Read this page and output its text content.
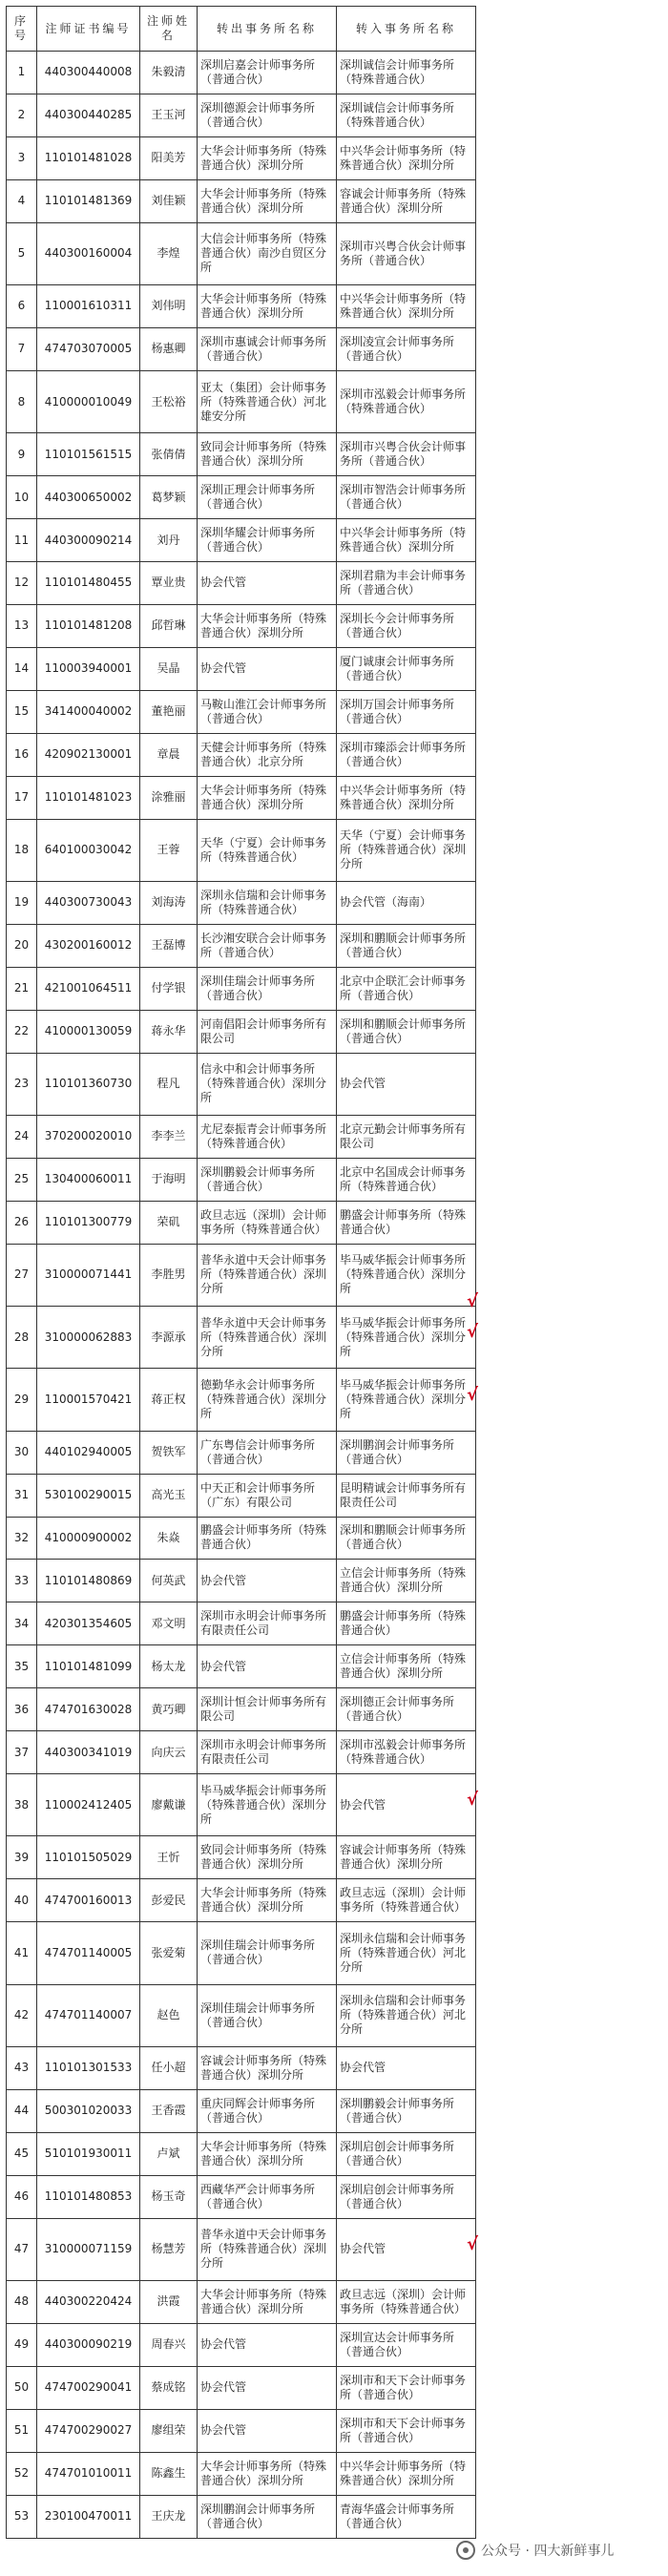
序号	注师证书编号	注师姓名	转出事务所名称	转入事务所名称
1	440300440008	朱毅清	深圳启嘉会计师事务所（普通合伙）	深圳诚信会计师事务所（特殊普通合伙）
2	440300440285	王玉河	深圳德源会计师事务所（普通合伙）	深圳诚信会计师事务所（特殊普通合伙）
3	110101481028	阳美芳	大华会计师事务所（特殊普通合伙）深圳分所	中兴华会计师事务所（特殊普通合伙）深圳分所
4	110101481369	刘佳颖	大华会计师事务所（特殊普通合伙）深圳分所	容诚会计师事务所（特殊普通合伙）深圳分所
5	440300160004	李煌	大信会计师事务所（特殊普通合伙）南沙自贸区分所	深圳市兴粤合伙会计师事务所（普通合伙）
6	110001610311	刘伟明	大华会计师事务所（特殊普通合伙）深圳分所	中兴华会计师事务所（特殊普通合伙）深圳分所
7	474703070005	杨惠卿	深圳市惠诚会计师事务所（普通合伙）	深圳凌宣会计师事务所（普通合伙）
8	410000010049	王松裕	亚太（集团）会计师事务所（特殊普通合伙）河北雄安分所	深圳市泓毅会计师事务所（特殊普通合伙）
9	110101561515	张倩倩	致同会计师事务所（特殊普通合伙）深圳分所	深圳市兴粤合伙会计师事务所（普通合伙）
10	440300650002	葛梦颖	深圳正理会计师事务所（普通合伙）	深圳市智浩会计师事务所（普通合伙）
11	440300090214	刘丹	深圳华耀会计师事务所（普通合伙）	中兴华会计师事务所（特殊普通合伙）深圳分所
12	110101480455	覃业贵	协会代管	深圳君鼎为丰会计师事务所（普通合伙）
13	110101481208	邱哲琳	大华会计师事务所（特殊普通合伙）深圳分所	深圳长今会计师事务所（普通合伙）
14	110003940001	吴晶	协会代管	厦门诚康会计师事务所（普通合伙）
15	341400040002	董艳丽	马鞍山淮江会计师事务所（普通合伙）	深圳万国会计师事务所（普通合伙）
16	420902130001	章晨	天健会计师事务所（特殊普通合伙）北京分所	深圳市臻添会计师事务所（普通合伙）
17	110101481023	涂雅丽	大华会计师事务所（特殊普通合伙）深圳分所	中兴华会计师事务所（特殊普通合伙）深圳分所
18	640100030042	王蓉	天华（宁夏）会计师事务所（特殊普通合伙）	天华（宁夏）会计师事务所（特殊普通合伙）深圳分所
19	440300730043	刘海涛	深圳永信瑞和会计师事务所（特殊普通合伙）	协会代管（海南）
20	430200160012	王磊博	长沙湘安联合会计师事务所（普通合伙）	深圳和鹏顺会计师事务所（普通合伙）
21	421001064511	付学银	深圳佳瑞会计师事务所（普通合伙）	北京中企联汇会计师事务所（普通合伙）
22	410000130059	蒋永华	河南倡阳会计师事务所有限公司	深圳和鹏顺会计师事务所（普通合伙）
23	110101360730	程凡	信永中和会计师事务所（特殊普通合伙）深圳分所	协会代管
24	370200020010	李李兰	尤尼泰振青会计师事务所（特殊普通合伙）	北京元勤会计师事务所有限公司
25	130400060011	于海明	深圳鹏毅会计师事务所（普通合伙）	北京中名国成会计师事务所（特殊普通合伙）
26	110101300779	荣矶	政旦志远（深圳）会计师事务所（特殊普通合伙）	鹏盛会计师事务所（特殊普通合伙）
27	310000071441	李胜男	普华永道中天会计师事务所（特殊普通合伙）深圳分所	毕马威华振会计师事务所（特殊普通合伙）深圳分所
28	310000062883	李源承	普华永道中天会计师事务所（特殊普通合伙）深圳分所	毕马威华振会计师事务所（特殊普通合伙）深圳分所
29	110001570421	蒋正权	德勤华永会计师事务所（特殊普通合伙）深圳分所	毕马威华振会计师事务所（特殊普通合伙）深圳分所
30	440102940005	贺铁军	广东粤信会计师事务所（普通合伙）	深圳鹏润会计师事务所（普通合伙）
31	530100290015	高光玉	中天正和会计师事务所（广东）有限公司	昆明精诚会计师事务所有限责任公司
32	410000900002	朱焱	鹏盛会计师事务所（特殊普通合伙）	深圳和鹏顺会计师事务所（普通合伙）
33	110101480869	何英武	协会代管	立信会计师事务所（特殊普通合伙）深圳分所
34	420301354605	邓文明	深圳市永明会计师事务所有限责任公司	鹏盛会计师事务所（特殊普通合伙）
35	110101481099	杨太龙	协会代管	立信会计师事务所（特殊普通合伙）深圳分所
36	474701630028	黄巧卿	深圳计恒会计师事务所有限公司	深圳德正会计师事务所（普通合伙）
37	440300341019	向庆云	深圳市永明会计师事务所有限责任公司	深圳市泓毅会计师事务所（特殊普通合伙）
38	110002412405	廖戴谦	毕马威华振会计师事务所（特殊普通合伙）深圳分所	协会代管
39	110101505029	王忻	致同会计师事务所（特殊普通合伙）深圳分所	容诚会计师事务所（特殊普通合伙）深圳分所
40	474700160013	彭爱民	大华会计师事务所（特殊普通合伙）深圳分所	政旦志远（深圳）会计师事务所（特殊普通合伙）
41	474701140005	张爱菊	深圳佳瑞会计师事务所（普通合伙）	深圳永信瑞和会计师事务所（特殊普通合伙）河北分所
42	474701140007	赵色	深圳佳瑞会计师事务所（普通合伙）	深圳永信瑞和会计师事务所（特殊普通合伙）河北分所
43	110101301533	任小超	容诚会计师事务所（特殊普通合伙）深圳分所	协会代管
44	500301020033	王香霞	重庆同辉会计师事务所（普通合伙）	深圳鹏毅会计师事务所（普通合伙）
45	510101930011	卢斌	大华会计师事务所（特殊普通合伙）深圳分所	深圳启创会计师事务所（普通合伙）
46	110101480853	杨玉奇	西藏华严会计师事务所（普通合伙）	深圳启创会计师事务所（普通合伙）
47	310000071159	杨慧芳	普华永道中天会计师事务所（特殊普通合伙）深圳分所	协会代管
48	440300220424	洪霞	大华会计师事务所（特殊普通合伙）深圳分所	政旦志远（深圳）会计师事务所（特殊普通合伙）
49	440300090219	周春兴	协会代管	深圳宣达会计师事务所（普通合伙）
50	474700290041	蔡成铭	协会代管	深圳市和天下会计师事务所（普通合伙）
51	474700290027	廖组荣	协会代管	深圳市和天下会计师事务所（普通合伙）
52	474701010011	陈鑫生	大华会计师事务所（特殊普通合伙）深圳分所	中兴华会计师事务所（特殊普通合伙）深圳分所
53	230100470011	王庆龙	深圳鹏润会计师事务所（普通合伙）	青海华盛会计师事务所（普通合伙）
公众号 · 四大新鲜事儿
√
√
√
√
√
